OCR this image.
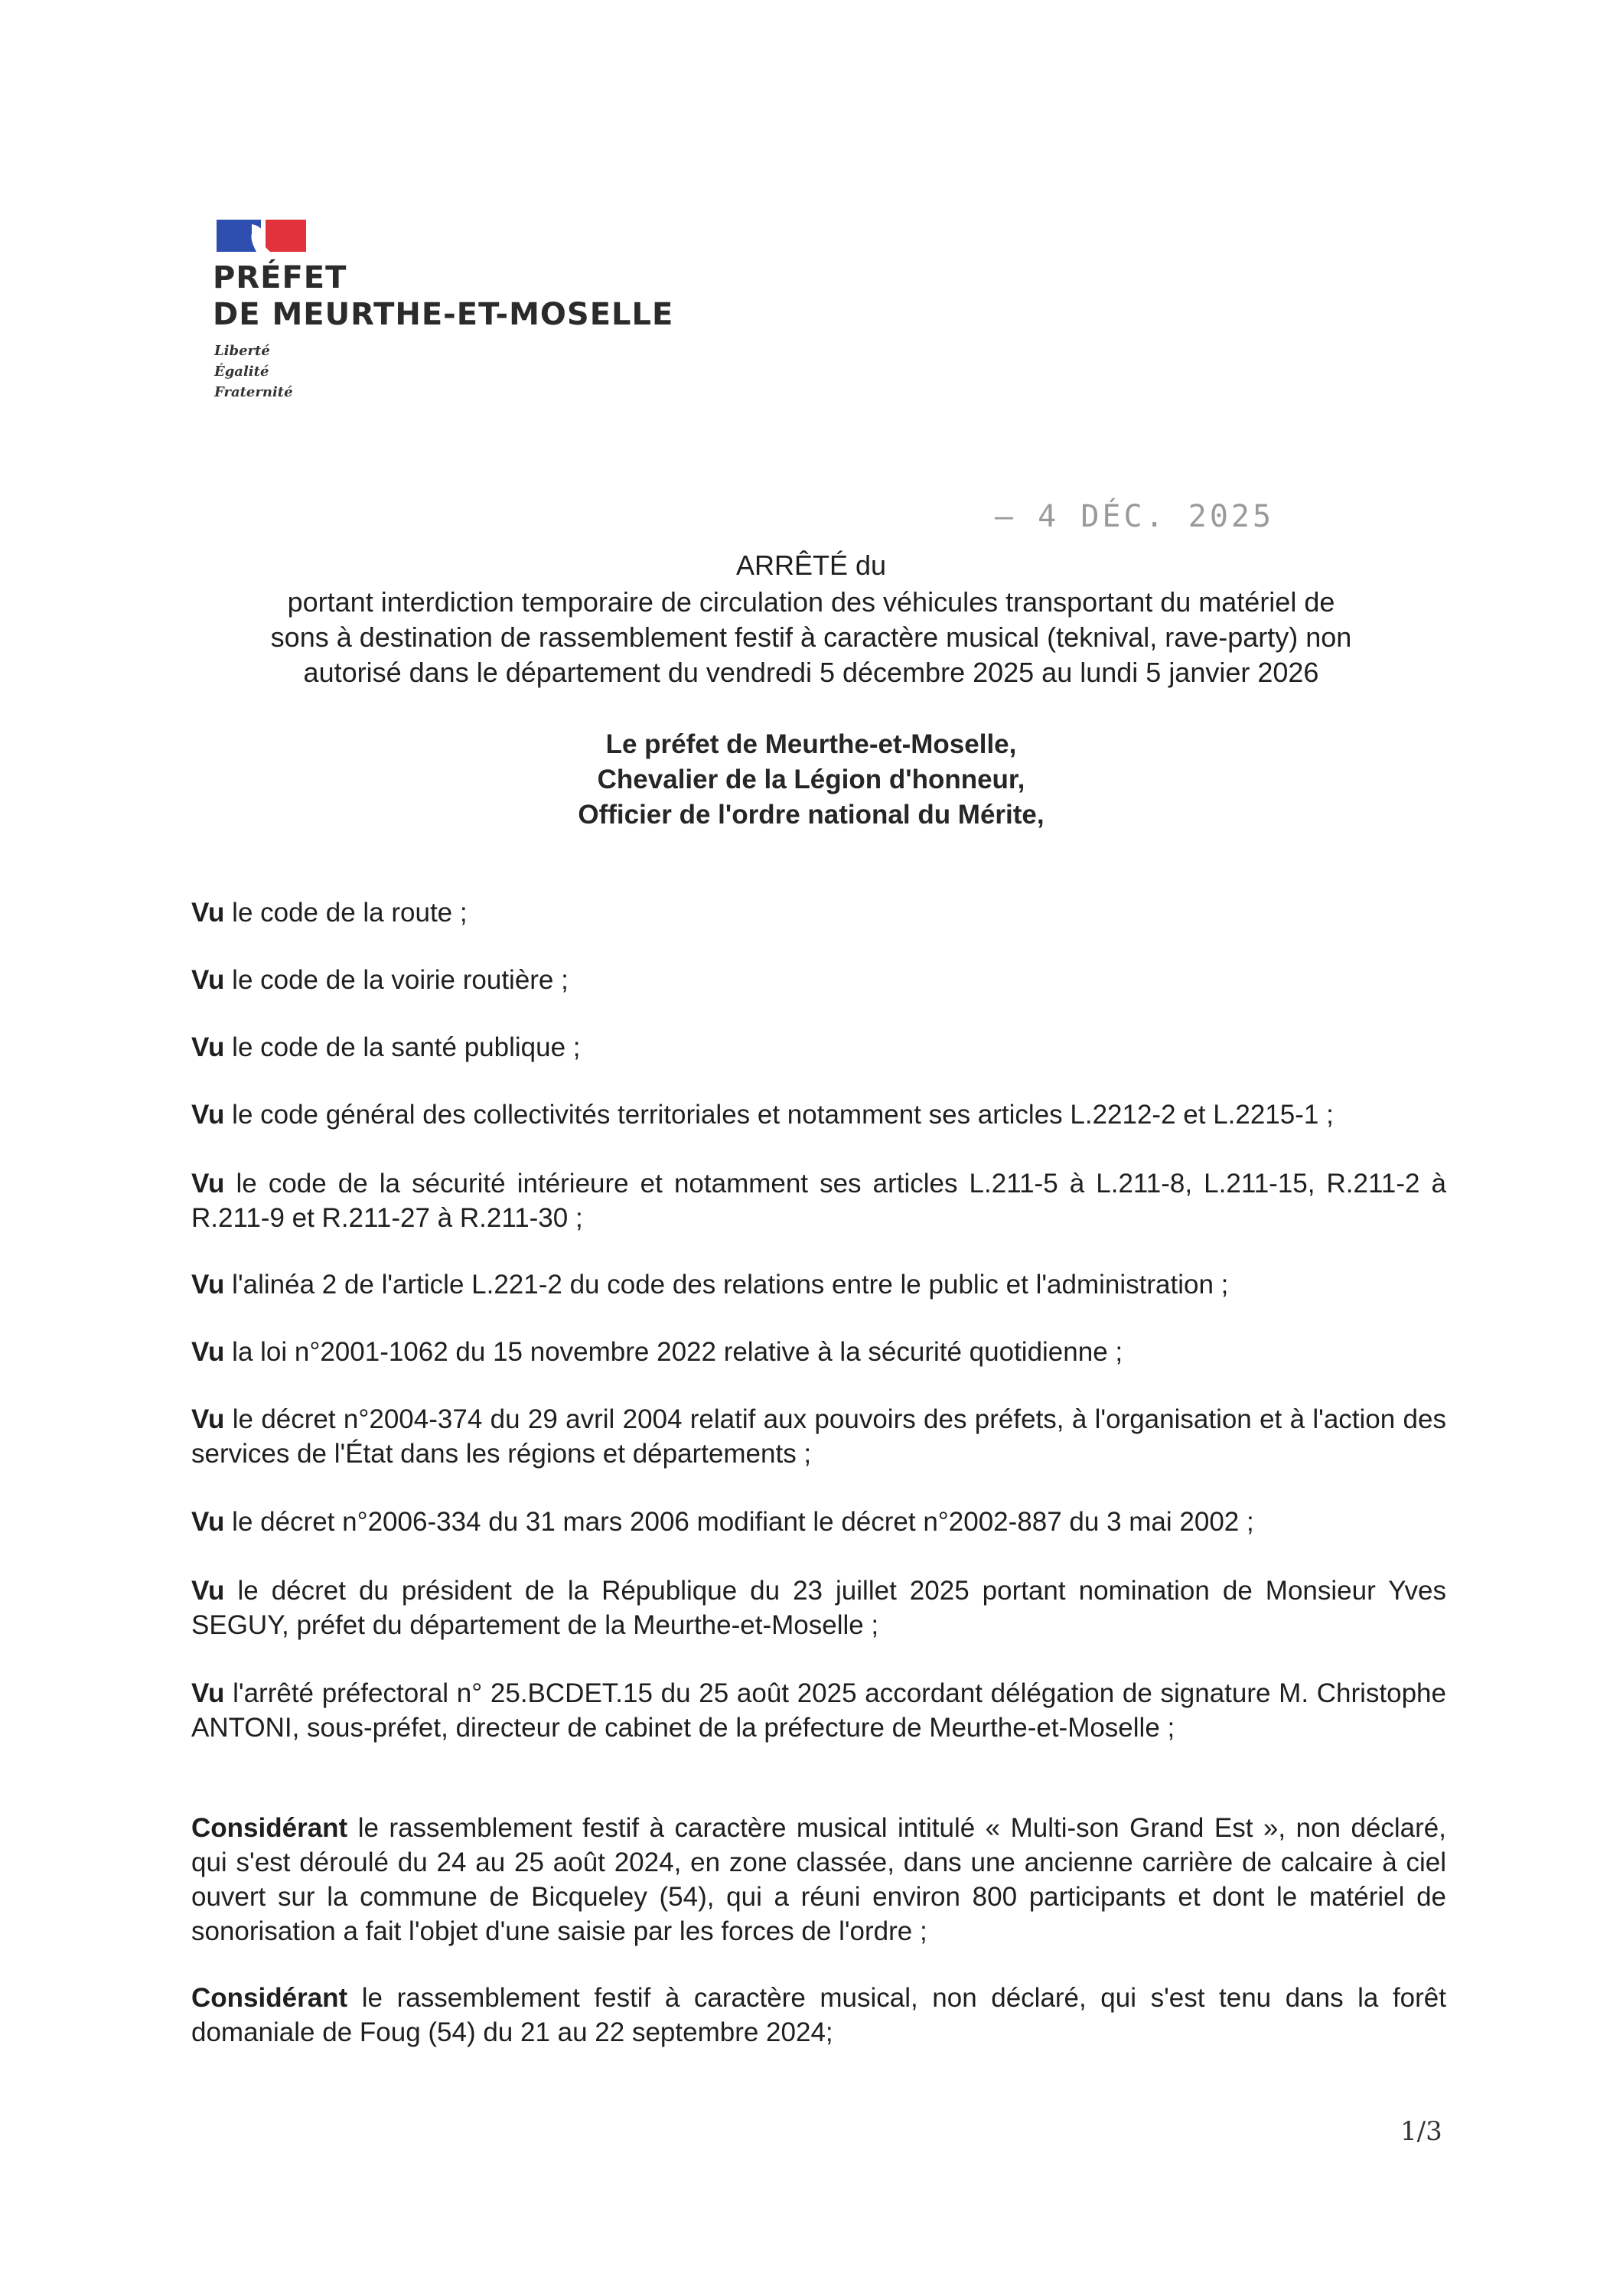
PRÉFET
DE MEURTHE-ET-MOSELLE
Liberté
Égalité
Fraternité
– 4 DÉC. 2025
ARRÊTÉ du
portant interdiction temporaire de circulation des véhicules transportant du matériel de
sons à destination de rassemblement festif à caractère musical (teknival, rave-party) non
autorisé dans le département du vendredi 5 décembre 2025 au lundi 5 janvier 2026
Le préfet de Meurthe-et-Moselle,
Chevalier de la Légion d'honneur,
Officier de l'ordre national du Mérite,
Vu le code de la route ;
Vu le code de la voirie routière ;
Vu le code de la santé publique ;
Vu le code général des collectivités territoriales et notamment ses articles L.2212-2 et L.2215-1 ;
Vu le code de la sécurité intérieure et notamment ses articles L.211-5 à L.211-8, L.211-15, R.211-2 à R.211-9 et R.211-27 à R.211-30 ;
Vu l'alinéa 2 de l'article L.221-2 du code des relations entre le public et l'administration ;
Vu la loi n°2001-1062 du 15 novembre 2022 relative à la sécurité quotidienne ;
Vu le décret n°2004-374 du 29 avril 2004 relatif aux pouvoirs des préfets, à l'organisation et à l'action des services de l'État dans les régions et départements ;
Vu le décret n°2006-334 du 31 mars 2006 modifiant le décret n°2002-887 du 3 mai 2002 ;
Vu le décret du président de la République du 23 juillet 2025 portant nomination de Monsieur Yves SEGUY, préfet du département de la Meurthe-et-Moselle ;
Vu l'arrêté préfectoral n° 25.BCDET.15 du 25 août 2025 accordant délégation de signature M. Christophe ANTONI, sous-préfet, directeur de cabinet de la préfecture de Meurthe-et-Moselle ;
Considérant le rassemblement festif à caractère musical intitulé « Multi-son Grand Est », non déclaré, qui s'est déroulé du 24 au 25 août 2024, en zone classée, dans une ancienne carrière de calcaire à ciel ouvert sur la commune de Bicqueley (54), qui a réuni environ 800 participants et dont le matériel de sonorisation a fait l'objet d'une saisie par les forces de l'ordre ;
Considérant le rassemblement festif à caractère musical, non déclaré, qui s'est tenu dans la forêt domaniale de Foug (54) du 21 au 22 septembre 2024;
1/3
